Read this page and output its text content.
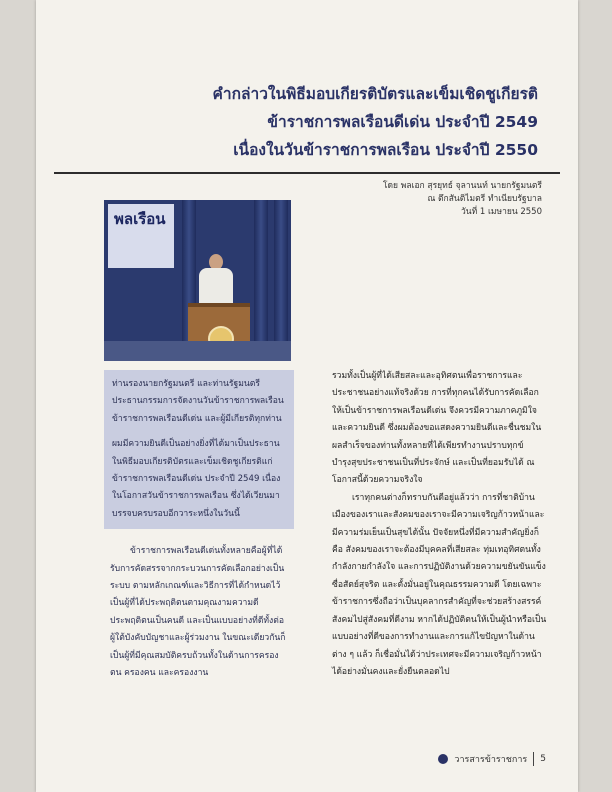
คำกล่าวในพิธีมอบเกียรติบัตรและเข็มเชิดชูเกียรติ
ข้าราชการพลเรือนดีเด่น ประจำปี 2549
เนื่องในวันข้าราชการพลเรือน ประจำปี 2550
โดย พลเอก สุรยุทธ์ จุลานนท์ นายกรัฐมนตรี
ณ ตึกสันติไมตรี ทำเนียบรัฐบาล
วันที่ 1 เมษายน 2550
พลเรือน

ท่านรองนายกรัฐมนตรี และท่านรัฐมนตรี ประธานกรรมการจัดงานวันข้าราชการพลเรือน ข้าราชการพลเรือนดีเด่น และผู้มีเกียรติทุกท่าน

ผมมีความยินดีเป็นอย่างยิ่งที่ได้มาเป็นประธานในพิธีมอบเกียรติบัตรและเข็มเชิดชูเกียรติแก่ข้าราชการพลเรือนดีเด่น ประจำปี 2549 เนื่องในโอกาสวันข้าราชการพลเรือน ซึ่งได้เวียนมาบรรจบครบรอบอีกวาระหนึ่งในวันนี้

ข้าราชการพลเรือนดีเด่นทั้งหลายคือผู้ที่ได้รับการคัดสรรจากกระบวนการคัดเลือกอย่างเป็นระบบ ตามหลักเกณฑ์และวิธีการที่ได้กำหนดไว้ เป็นผู้ที่ได้ประพฤติตนตามคุณงามความดีประพฤติตนเป็นคนดี และเป็นแบบอย่างที่ดีทั้งต่อผู้ใต้บังคับบัญชาและผู้ร่วมงาน ในขณะเดียวกันก็เป็นผู้ที่มีคุณสมบัติครบถ้วนทั้งในด้านการครองตน ครองคน และครองงาน

รวมทั้งเป็นผู้ที่ได้เสียสละและอุทิศตนเพื่อราชการและประชาชนอย่างแท้จริงด้วย การที่ทุกคนได้รับการคัดเลือกให้เป็นข้าราชการพลเรือนดีเด่น จึงควรมีความภาคภูมิใจและความยินดี ซึ่งผมต้องขอแสดงความยินดีและชื่นชมในผลสำเร็จของท่านทั้งหลายที่ได้เพียรทำงานปราบทุกข์บำรุงสุขประชาชนเป็นที่ประจักษ์ และเป็นที่ยอมรับได้ ณ โอกาสนี้ด้วยความจริงใจ

เราทุกคนต่างก็ทราบกันดีอยู่แล้วว่า การที่ชาติบ้านเมืองของเราและสังคมของเราจะมีความเจริญก้าวหน้าและมีความร่มเย็นเป็นสุขได้นั้น ปัจจัยหนึ่งที่มีความสำคัญยิ่งก็คือ สังคมของเราจะต้องมีบุคคลที่เสียสละ ทุ่มเทอุทิศตนทั้งกำลังกายกำลังใจ และการปฏิบัติงานด้วยความขยันขันแข็ง ซื่อสัตย์สุจริต และตั้งมั่นอยู่ในคุณธรรมความดี โดยเฉพาะข้าราชการซึ่งถือว่าเป็นบุคลากรสำคัญที่จะช่วยสร้างสรรค์สังคมไปสู่สังคมที่ดีงาม หากได้ปฏิบัติตนให้เป็นผู้นำหรือเป็นแบบอย่างที่ดีของการทำงานและการแก้ไขปัญหาในด้านต่าง ๆ แล้ว ก็เชื่อมั่นได้ว่าประเทศจะมีความเจริญก้าวหน้าได้อย่างมั่นคงและยั่งยืนตลอดไป

วารสารข้าราชการ 5
